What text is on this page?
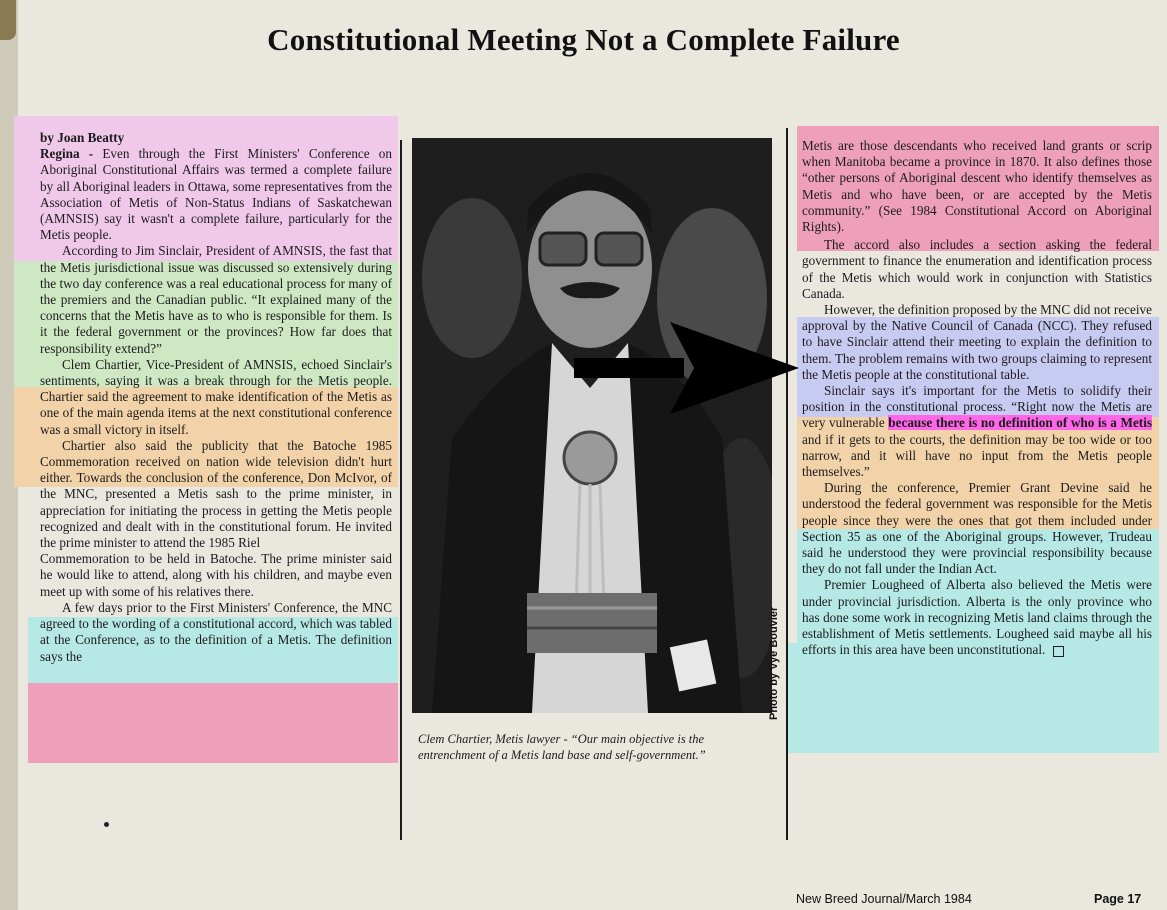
Constitutional Meeting Not a Complete Failure

by Joan Beatty

Regina - Even through the First Ministers' Conference on Aboriginal Constitutional Affairs was termed a complete failure by all Aboriginal leaders in Ottawa, some representatives from the Association of Metis of Non-Status Indians of Saskatchewan (AMNSIS) say it wasn't a complete failure, particularly for the Metis people.

According to Jim Sinclair, President of AMNSIS, the fast that the Metis jurisdictional issue was discussed so extensively during the two day conference was a real educational process for many of the premiers and the Canadian public. “It explained many of the concerns that the Metis have as to who is responsible for them. Is it the federal government or the provinces? How far does that responsibility extend?”

Clem Chartier, Vice-President of AMNSIS, echoed Sinclair's sentiments, saying it was a break through for the Metis people. Chartier said the agreement to make identification of the Metis as one of the main agenda items at the next constitutional conference was a small victory in itself.

Chartier also said the publicity that the Batoche 1985 Commemoration received on nation wide television didn't hurt either. Towards the conclusion of the conference, Don McIvor, of the MNC, presented a Metis sash to the prime minister, in appreciation for initiating the process in getting the Metis people recognized and dealt with in the constitutional forum. He invited the prime minister to attend the 1985 Riel

Commemoration to be held in Batoche. The prime minister said he would like to attend, along with his children, and maybe even meet up with some of his relatives there.

A few days prior to the First Ministers' Conference, the MNC agreed to the wording of a constitutional accord, which was tabled at the Conference, as to the definition of a Metis. The definition says the	Photo by Vye Bouvier
Clem Chartier, Metis lawyer - “Our main objective is the entrenchment of a Metis land base and self-government.”

Metis are those descendants who received land grants or scrip when Manitoba became a province in 1870. It also defines those “other persons of Aboriginal descent who identify themselves as Metis and who have been, or are accepted by the Metis community.” (See 1984 Constitutional Accord on Aboriginal Rights).

The accord also includes a section asking the federal government to finance the enumeration and identification process of the Metis which would work in conjunction with Statistics Canada.

However, the definition proposed by the MNC did not receive approval by the Native Council of Canada (NCC). They refused to have Sinclair attend their meeting to explain the definition to them. The problem remains with two groups claiming to represent the Metis people at the constitutional table.

Sinclair says it's important for the Metis to solidify their position in the constitutional process. “Right now the Metis are very vulnerable because there is no definition of who is a Metis and if it gets to the courts, the definition may be too wide or too narrow, and it will have no input from the Metis people themselves.”

During the conference, Premier Grant Devine said he understood the federal government was responsible for the Metis people since they were the ones that got them included under Section 35 as one of the Aboriginal groups. However, Trudeau said he understood they were provincial responsibility because they do not fall under the Indian Act.

Premier Lougheed of Alberta also believed the Metis were under provincial jurisdiction. Alberta is the only province who has done some work in recognizing Metis land claims through the establishment of Metis settlements. Lougheed said maybe all his efforts in this area have been unconstitutional.

New Breed Journal/March 1984	Page 17
